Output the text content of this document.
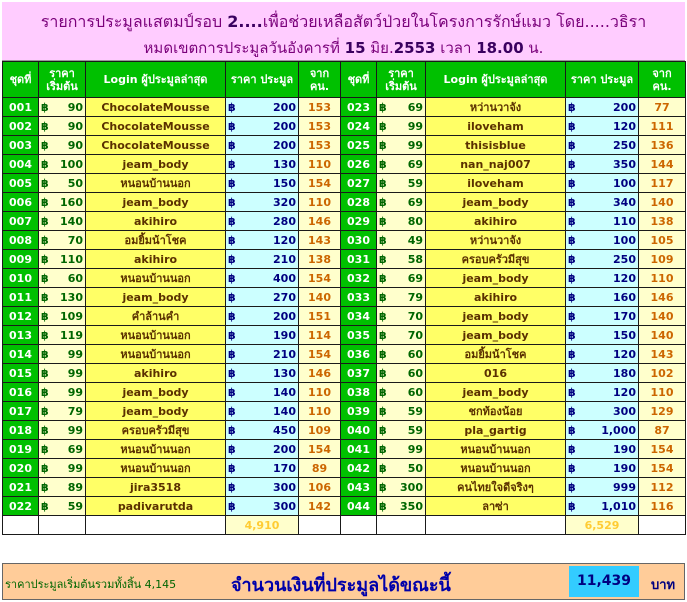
รายการประมูลแสตมป์รอบ 2....เพื่อช่วยเหลือสัตว์ป่วยในโครงการรักษ์แมว โดย.....วธิรา
หมดเขตการประมูลวันอังคารที่ 15 มิย.2553 เวลา 18.00 น.
ชุดที่	ราคา เริ่มต้น	Login ผู้ประมูลล่าสุด	ราคา ประมูล	จาก คน.	ชุดที่	ราคา เริ่มต้น	Login ผู้ประมูลล่าสุด	ราคา ประมูล	จาก คน.
001	฿ 90	ChocolateMousse	฿ 200	153	023	฿ 69	หว่านวาจัง	฿ 200	77
002	฿ 90	ChocolateMousse	฿ 200	153	024	฿ 99	iloveham	฿ 120	111
003	฿ 90	ChocolateMousse	฿ 200	153	025	฿ 99	thisisblue	฿ 250	136
004	฿ 100	jeam_body	฿ 130	110	026	฿ 69	nan_naj007	฿ 350	144
005	฿ 50	หนอนบ้านนอก	฿ 150	154	027	฿ 59	iloveham	฿ 100	117
006	฿ 160	jeam_body	฿ 320	110	028	฿ 69	jeam_body	฿ 340	140
007	฿ 140	akihiro	฿ 280	146	029	฿ 80	akihiro	฿ 110	138
008	฿ 70	อมยิ้มน้าโชค	฿ 120	143	030	฿ 49	หว่านวาจัง	฿ 100	105
009	฿ 110	akihiro	฿ 210	138	031	฿ 58	ครอบครัวมีสุข	฿ 250	109
010	฿ 60	หนอนบ้านนอก	฿ 400	154	032	฿ 69	jeam_body	฿ 120	110
011	฿ 130	jeam_body	฿ 270	140	033	฿ 79	akihiro	฿ 160	146
012	฿ 109	คำล้านคำ	฿ 200	151	034	฿ 70	jeam_body	฿ 170	140
013	฿ 119	หนอนบ้านนอก	฿ 190	114	035	฿ 70	jeam_body	฿ 150	140
014	฿ 99	หนอนบ้านนอก	฿ 210	154	036	฿ 60	อมยิ้มน้าโชค	฿ 120	143
015	฿ 99	akihiro	฿ 130	146	037	฿ 60	016	฿ 180	102
016	฿ 99	jeam_body	฿ 140	110	038	฿ 60	jeam_body	฿ 120	110
017	฿ 79	jeam_body	฿ 140	110	039	฿ 59	ชกท้องน้อย	฿ 300	129
018	฿ 99	ครอบครัวมีสุข	฿ 450	109	040	฿ 59	pla_gartig	฿ 1,000	87
019	฿ 69	หนอนบ้านนอก	฿ 200	154	041	฿ 99	หนอนบ้านนอก	฿ 190	154
020	฿ 99	หนอนบ้านนอก	฿ 170	89	042	฿ 50	หนอนบ้านนอก	฿ 190	154
021	฿ 89	jira3518	฿ 300	106	043	฿ 300	คนไทยใจดีจริงๆ	฿ 999	112
022	฿ 59	padivarutda	฿ 300	142	044	฿ 350	ลาซ่า	฿ 1,010	116
			4,910					6,529	
ราคาประมูลเริ่มต้นรวมทั้งสิ้น 4,145	จำนวนเงินที่ประมูลได้ขณะนี้	11,439	บาท
